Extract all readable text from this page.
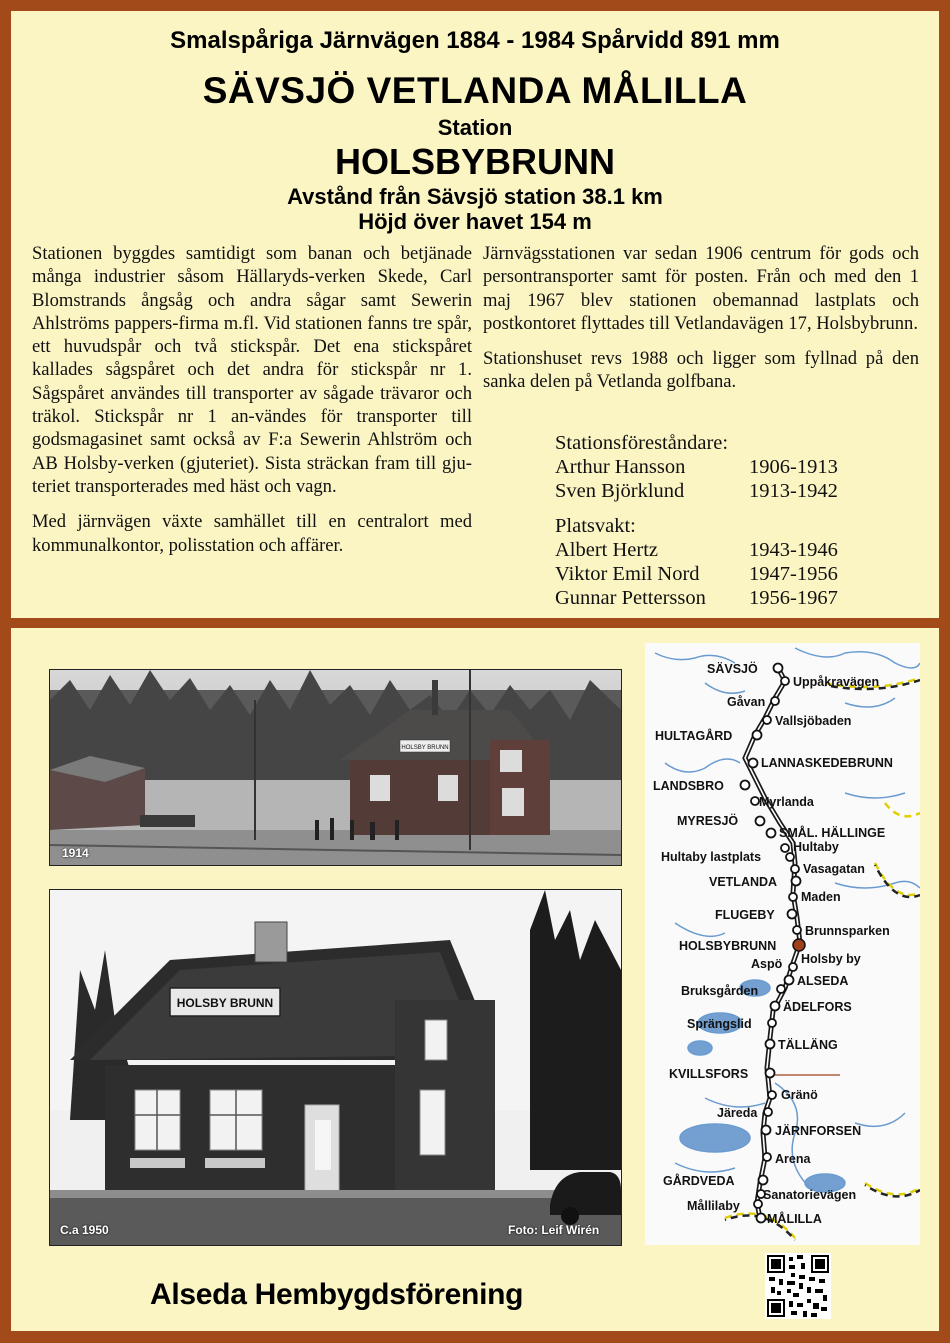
Smalspåriga Järnvägen 1884 - 1984 Spårvidd 891 mm
SÄVSJÖ VETLANDA MÅLILLA
Station
HOLSBYBRUNN
Avstånd från Sävsjö station 38.1 km
Höjd över havet 154 m

Stationen byggdes samtidigt som banan och betjänade många industrier såsom Hällaryds-verken Skede, Carl Blomstrands ångsåg och andra sågar samt Sewerin Ahlströms pappers-firma m.fl. Vid stationen fanns tre spår, ett huvudspår och två stickspår. Det ena stickspåret kallades sågspåret och det andra för stickspår nr 1. Sågspåret användes till transporter av sågade trävaror och träkol. Stickspår nr 1 an-vändes för transporter till godsmagasinet samt också av F:a Sewerin Ahlström och AB Holsby-verken (gjuteriet). Sista sträckan fram till gju-teriet transporterades med häst och vagn.

Med järnvägen växte samhället till en centralort med kommunalkontor, polisstation och affärer.

Järnvägsstationen var sedan 1906 centrum för gods och persontransporter samt för posten. Från och med den 1 maj 1967 blev stationen obemannad lastplats och postkontoret flyttades till Vetlandavägen 17, Holsbybrunn.

Stationshuset revs 1988 och ligger som fyllnad på den sanka delen på Vetlanda golfbana.

Stationsföreståndare:
Arthur Hansson	1906-1913
Sven Björklund	1913-1942
Platsvakt:
Albert Hertz	1943-1946
Viktor Emil Nord	1947-1956
Gunnar Pettersson	1956-1967
HOLSBY BRUNN
1914
HOLSBY BRUNN
C.a 1950	Foto: Leif Wirén
SÄVSJÖ
Uppåkravägen
Gåvan
Vallsjöbaden
HULTAGÅRD
LANNASKEDEBRUNN
LANDSBRO
Myrlanda
MYRESJÖ
SMÅL. HÄLLINGE
Hultaby
Hultaby lastplats
Vasagatan
VETLANDA
Maden
FLUGEBY
Brunnsparken
HOLSBYBRUNN
Holsby by
Aspö
ALSEDA
Bruksgården
ÄDELFORS
Sprängslid
TÄLLÄNG
KVILLSFORS
Gränö
Järeda
JÄRNFORSEN
Arena
GÅRDVEDA
Sanatorievägen
Mållilaby
MÅLILLA
Alseda Hembygdsförening
